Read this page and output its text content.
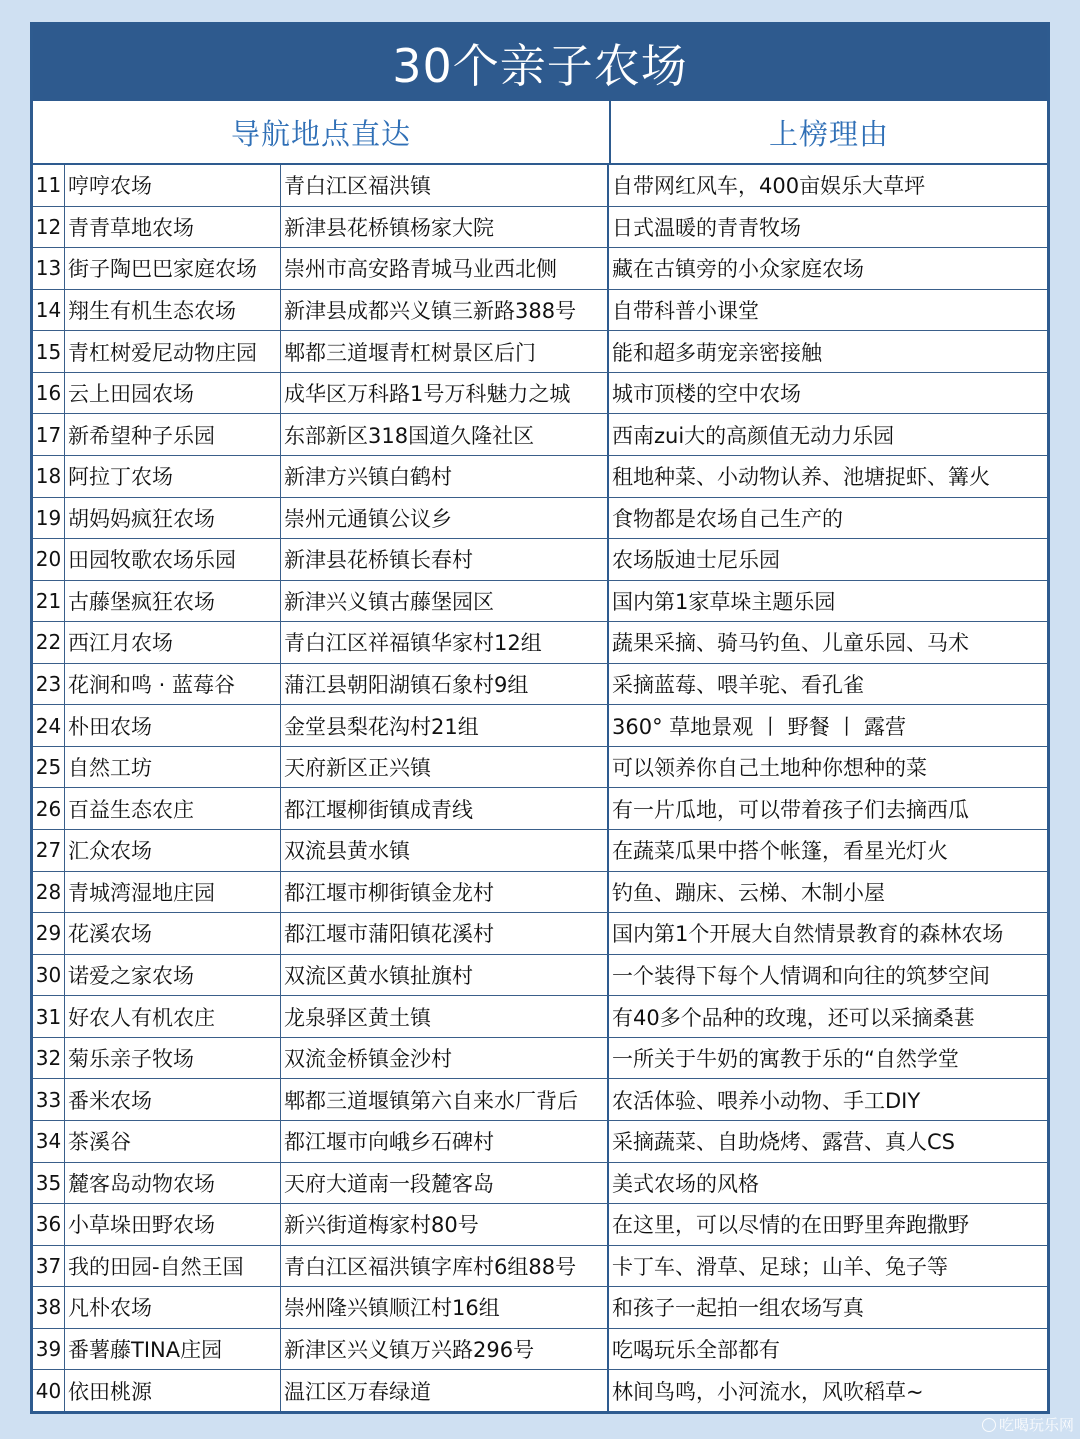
30个亲子农场
导航地点直达	上榜理由
11 哼哼农场	青白江区福洪镇	自带网红风车，400亩娱乐大草坪
12 青青草地农场	新津县花桥镇杨家大院	日式温暖的青青牧场
13 街子陶巴巴家庭农场	崇州市高安路青城马业西北侧	藏在古镇旁的小众家庭农场
14 翔生有机生态农场	新津县成都兴义镇三新路388号	自带科普小课堂
15 青杠树爱尼动物庄园	郫都三道堰青杠树景区后门	能和超多萌宠亲密接触
16 云上田园农场	成华区万科路1号万科魅力之城	城市顶楼的空中农场
17 新希望种子乐园	东部新区318国道久隆社区	西南zui大的高颜值无动力乐园
18 阿拉丁农场	新津方兴镇白鹤村	租地种菜、小动物认养、池塘捉虾、篝火
19 胡妈妈疯狂农场	崇州元通镇公议乡	食物都是农场自己生产的
20 田园牧歌农场乐园	新津县花桥镇长春村	农场版迪士尼乐园
21 古藤堡疯狂农场	新津兴义镇古藤堡园区	国内第1家草垛主题乐园
22 西江月农场	青白江区祥福镇华家村12组	蔬果采摘、骑马钓鱼、儿童乐园、马术
23 花涧和鸣 · 蓝莓谷	蒲江县朝阳湖镇石象村9组	采摘蓝莓、喂羊驼、看孔雀
24 朴田农场	金堂县梨花沟村21组	360° 草地景观 丨 野餐 丨 露营
25 自然工坊	天府新区正兴镇	可以领养你自己土地种你想种的菜
26 百益生态农庄	都江堰柳街镇成青线	有一片瓜地，可以带着孩子们去摘西瓜
27 汇众农场	双流县黄水镇	在蔬菜瓜果中搭个帐篷，看星光灯火
28 青城湾湿地庄园	都江堰市柳街镇金龙村	钓鱼、蹦床、云梯、木制小屋
29 花溪农场	都江堰市蒲阳镇花溪村	国内第1个开展大自然情景教育的森林农场
30 诺爱之家农场	双流区黄水镇扯旗村	一个装得下每个人情调和向往的筑梦空间
31 好农人有机农庄	龙泉驿区黄土镇	有40多个品种的玫瑰，还可以采摘桑葚
32 菊乐亲子牧场	双流金桥镇金沙村	一所关于牛奶的寓教于乐的“自然学堂
33 番米农场	郫都三道堰镇第六自来水厂背后	农活体验、喂养小动物、手工DIY
34 茶溪谷	都江堰市向峨乡石碑村	采摘蔬菜、自助烧烤、露营、真人CS
35 麓客岛动物农场	天府大道南一段麓客岛	美式农场的风格
36 小草垛田野农场	新兴街道梅家村80号	在这里，可以尽情的在田野里奔跑撒野
37 我的田园-自然王国	青白江区福洪镇字库村6组88号	卡丁车、滑草、足球；山羊、兔子等
38 凡朴农场	崇州隆兴镇顺江村16组	和孩子一起拍一组农场写真
39 番薯藤TINA庄园	新津区兴义镇万兴路296号	吃喝玩乐全部都有
40 依田桃源	温江区万春绿道	林间鸟鸣，小河流水，风吹稻草~
吃喝玩乐网
